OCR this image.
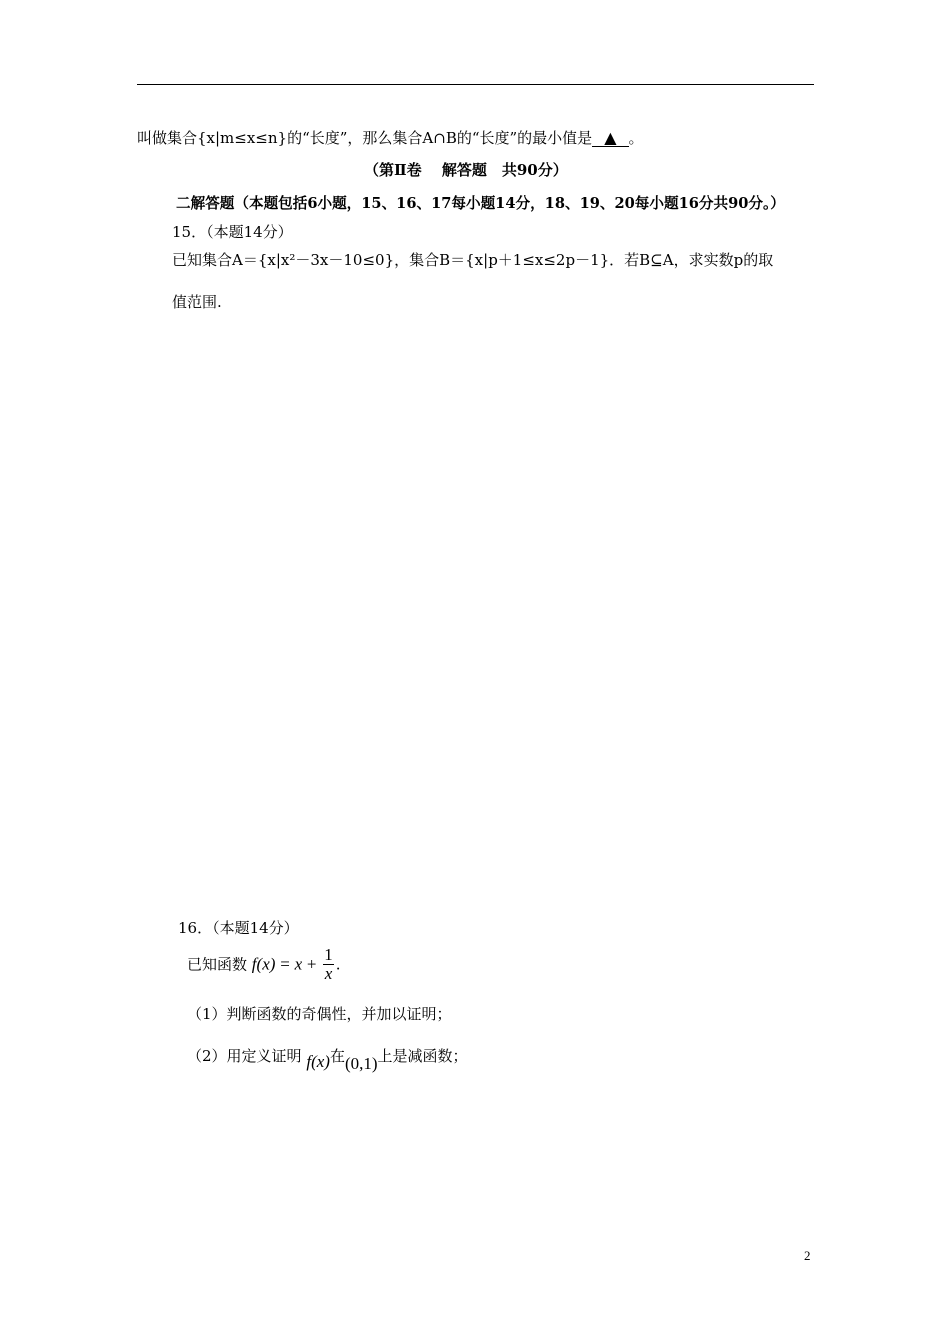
叫做集合{x|m≤x≤n}的“长度”，那么集合A∩B的“长度”的最小值是 ▲ 。
（第Ⅱ卷　 解答题　共90分）
二解答题（本题包括6小题，15、16、17每小题14分，18、19、20每小题16分共90分。）
15．（本题14分）
已知集合A＝{x|x²－3x－10≤0}，集合B＝{x|p＋1≤x≤2p－1}．若B⊆A，求实数p的取
值范围.
16．（本题14分）
已知函数 $f(x) = x + \frac{1}{x}$ .
（1）判断函数的奇偶性，并加以证明；
（2）用定义证明 f(x)在(0,1)上是减函数；
2
